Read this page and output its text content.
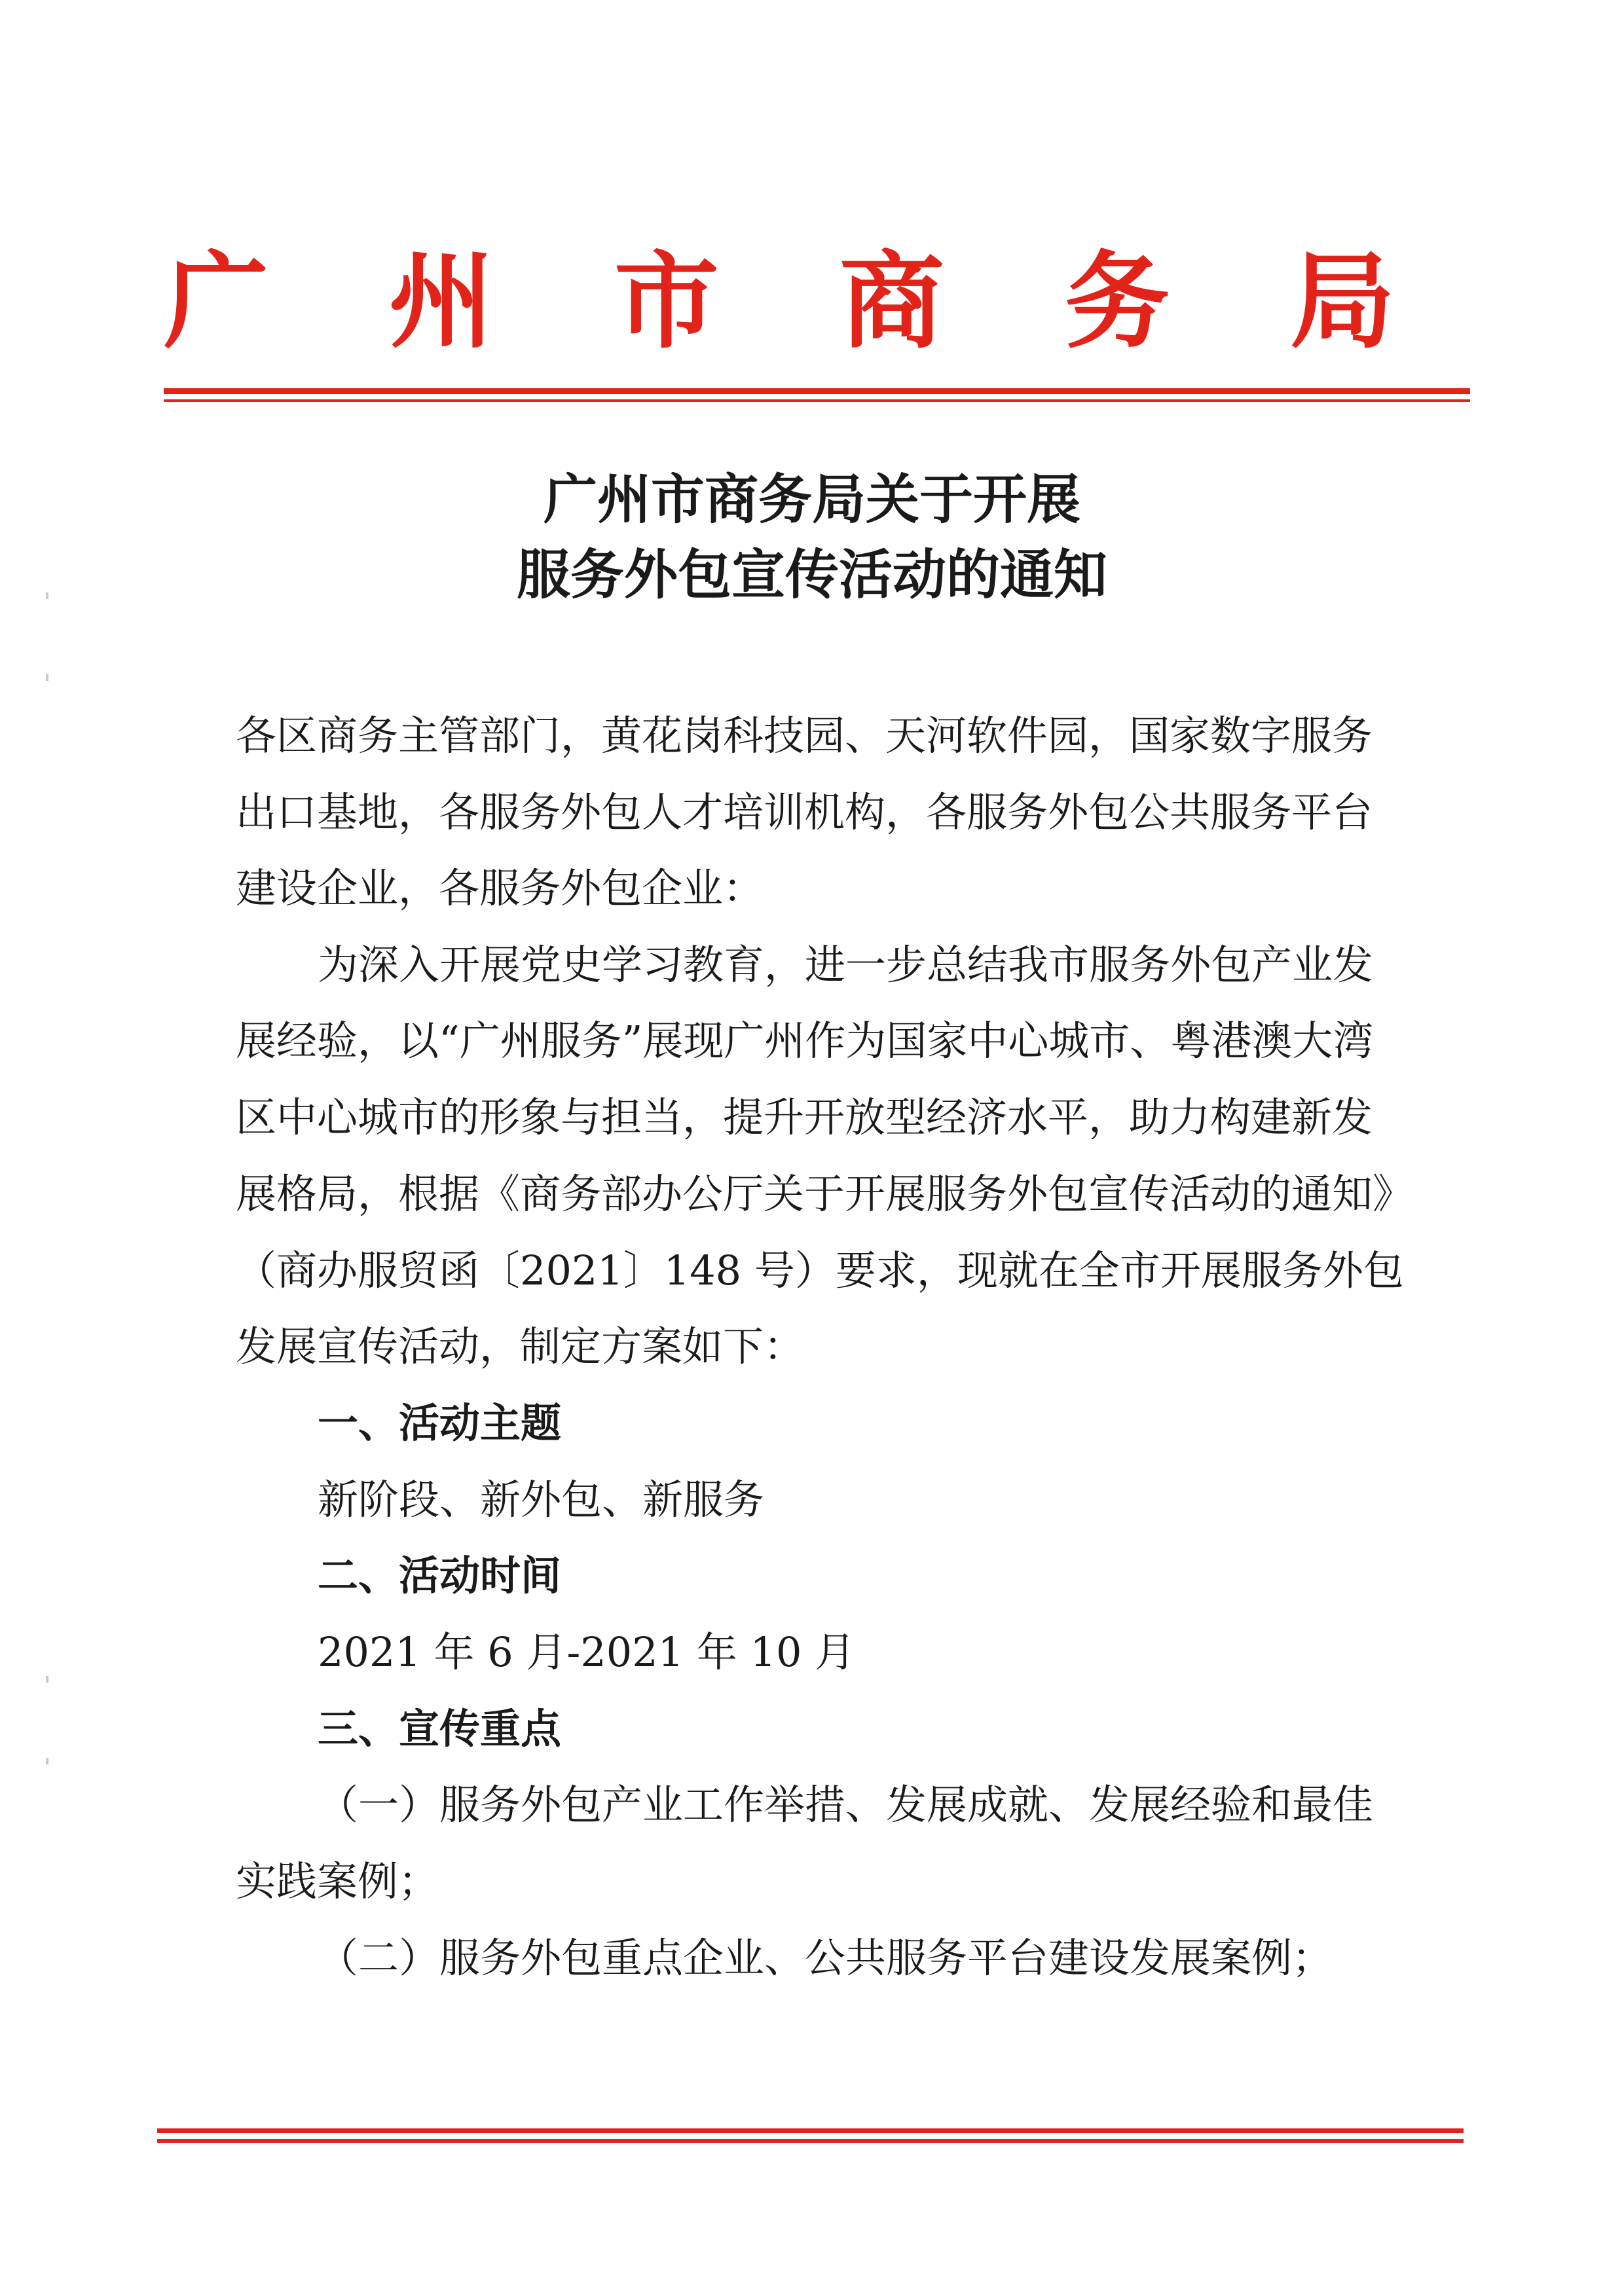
广 州 市 商 务 局
广州市商务局关于开展
服务外包宣传活动的通知
各区商务主管部门，黄花岗科技园、天河软件园，国家数字服务
出口基地，各服务外包人才培训机构，各服务外包公共服务平台
建设企业，各服务外包企业：
为深入开展党史学习教育，进一步总结我市服务外包产业发
展经验，以“广州服务”展现广州作为国家中心城市、粤港澳大湾
区中心城市的形象与担当，提升开放型经济水平，助力构建新发
展格局，根据《商务部办公厅关于开展服务外包宣传活动的通知》
（商办服贸函〔2021〕148 号）要求，现就在全市开展服务外包
发展宣传活动，制定方案如下：
一、活动主题
新阶段、新外包、新服务
二、活动时间
2021 年 6 月-2021 年 10 月
三、宣传重点
（一）服务外包产业工作举措、发展成就、发展经验和最佳
实践案例；
（二）服务外包重点企业、公共服务平台建设发展案例；
